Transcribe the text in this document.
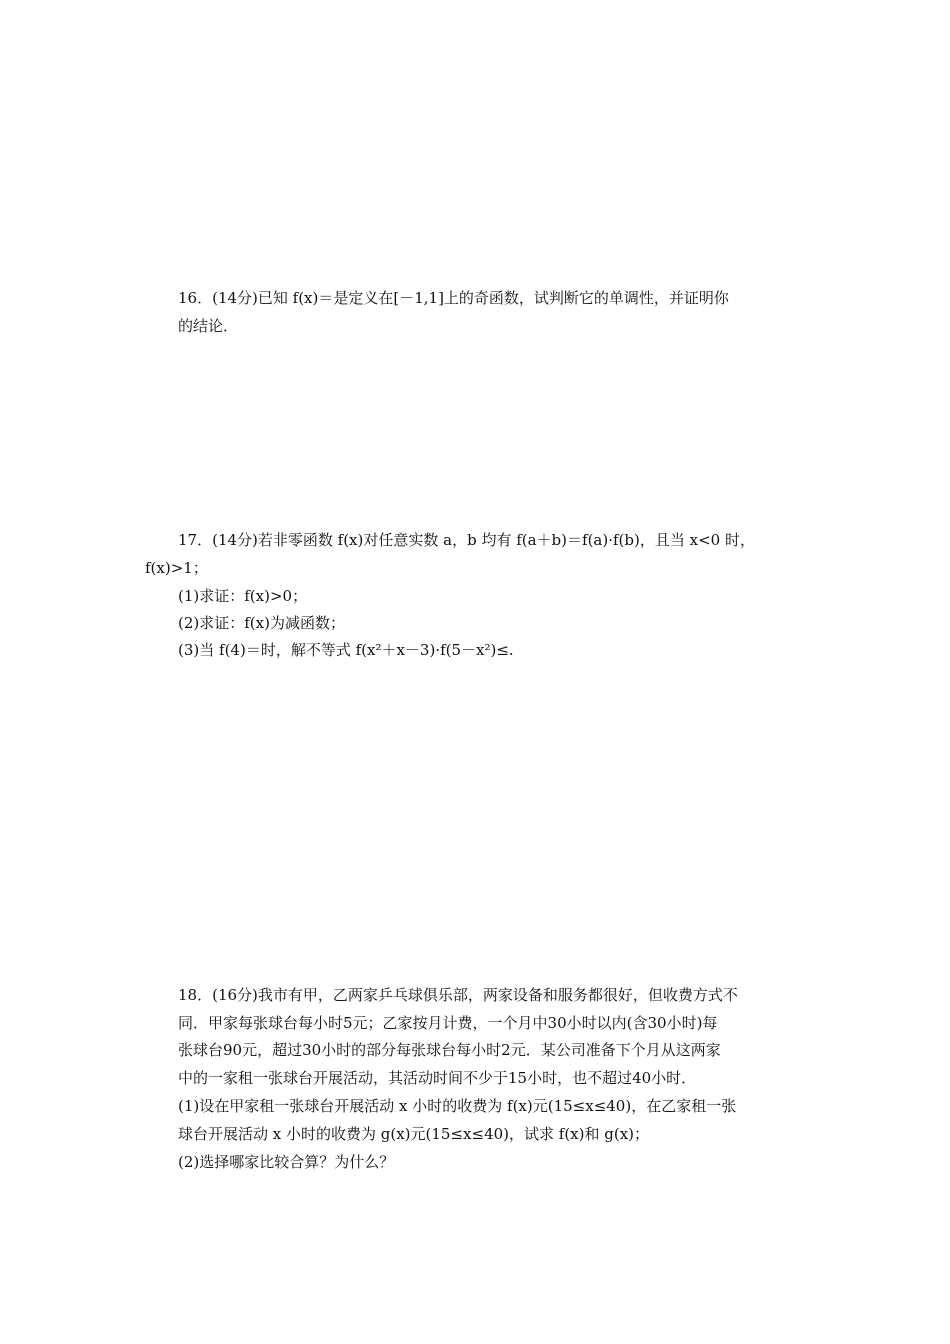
16．(14分)已知 f(x)＝是定义在[－1,1]上的奇函数，试判断它的单调性，并证明你
的结论．
17．(14分)若非零函数 f(x)对任意实数 a，b 均有 f(a＋b)＝f(a)·f(b)，且当 x<0 时，
f(x)>1；
(1)求证：f(x)>0；
(2)求证：f(x)为减函数；
(3)当 f(4)＝时，解不等式 f(x²＋x－3)·f(5－x²)≤.
18．(16分)我市有甲，乙两家乒乓球俱乐部，两家设备和服务都很好，但收费方式不
同．甲家每张球台每小时5元；乙家按月计费，一个月中30小时以内(含30小时)每
张球台90元，超过30小时的部分每张球台每小时2元．某公司准备下个月从这两家
中的一家租一张球台开展活动，其活动时间不少于15小时，也不超过40小时．
(1)设在甲家租一张球台开展活动 x 小时的收费为 f(x)元(15≤x≤40)，在乙家租一张
球台开展活动 x 小时的收费为 g(x)元(15≤x≤40)，试求 f(x)和 g(x)；
(2)选择哪家比较合算？为什么？
